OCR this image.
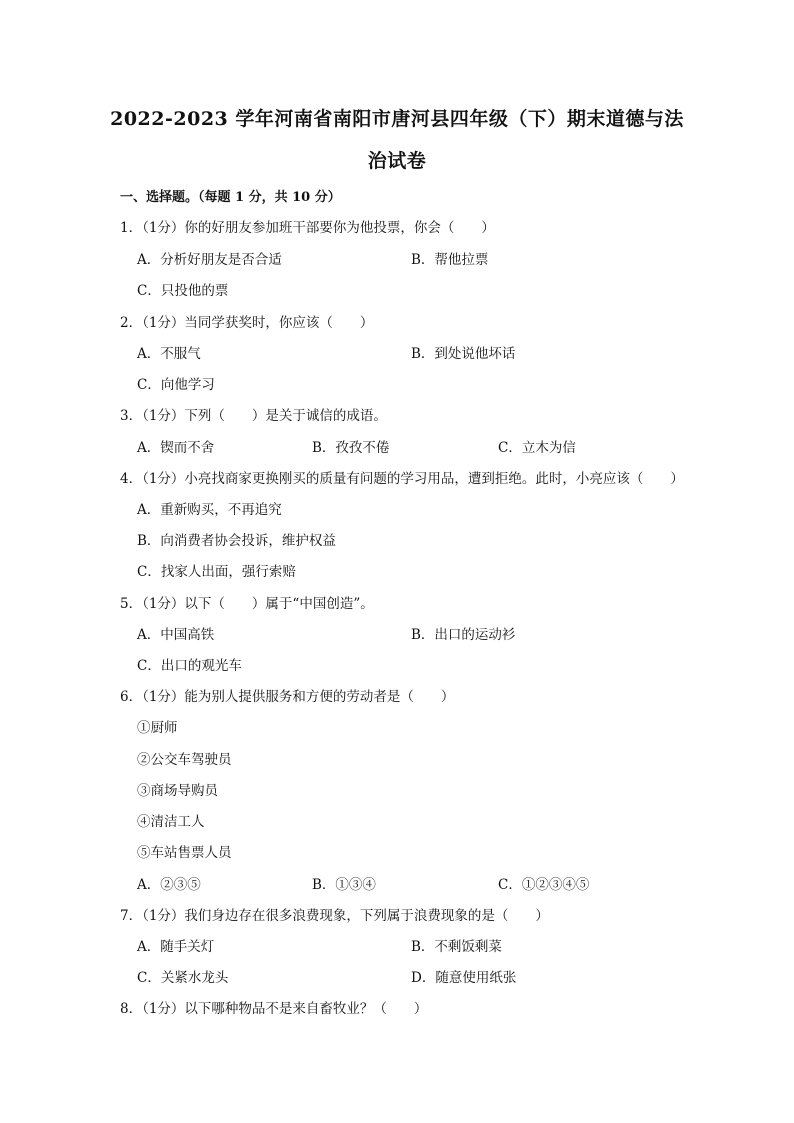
2022-2023 学年河南省南阳市唐河县四年级（下）期末道德与法
治试卷
一、选择题。（每题 1 分，共 10 分）
1．（1分）你的好朋友参加班干部要你为他投票，你会（　　）
A．分析好朋友是否合适	B．帮他拉票
C．只投他的票
2．（1分）当同学获奖时，你应该（　　）
A．不服气	B．到处说他坏话
C．向他学习
3．（1分）下列（　　）是关于诚信的成语。
A．锲而不舍	B．孜孜不倦	C．立木为信
4．（1分）小亮找商家更换刚买的质量有问题的学习用品，遭到拒绝。此时，小亮应该（　　）
A．重新购买，不再追究
B．向消费者协会投诉，维护权益
C．找家人出面，强行索赔
5．（1分）以下（　　）属于“中国创造”。
A．中国高铁	B．出口的运动衫
C．出口的观光车
6．（1分）能为别人提供服务和方便的劳动者是（　　）
①厨师
②公交车驾驶员
③商场导购员
④清洁工人
⑤车站售票人员
A．②③⑤	B．①③④	C．①②③④⑤
7．（1分）我们身边存在很多浪费现象，下列属于浪费现象的是（　　）
A．随手关灯	B．不剩饭剩菜
C．关紧水龙头	D．随意使用纸张
8．（1分）以下哪种物品不是来自畜牧业？（　　）
